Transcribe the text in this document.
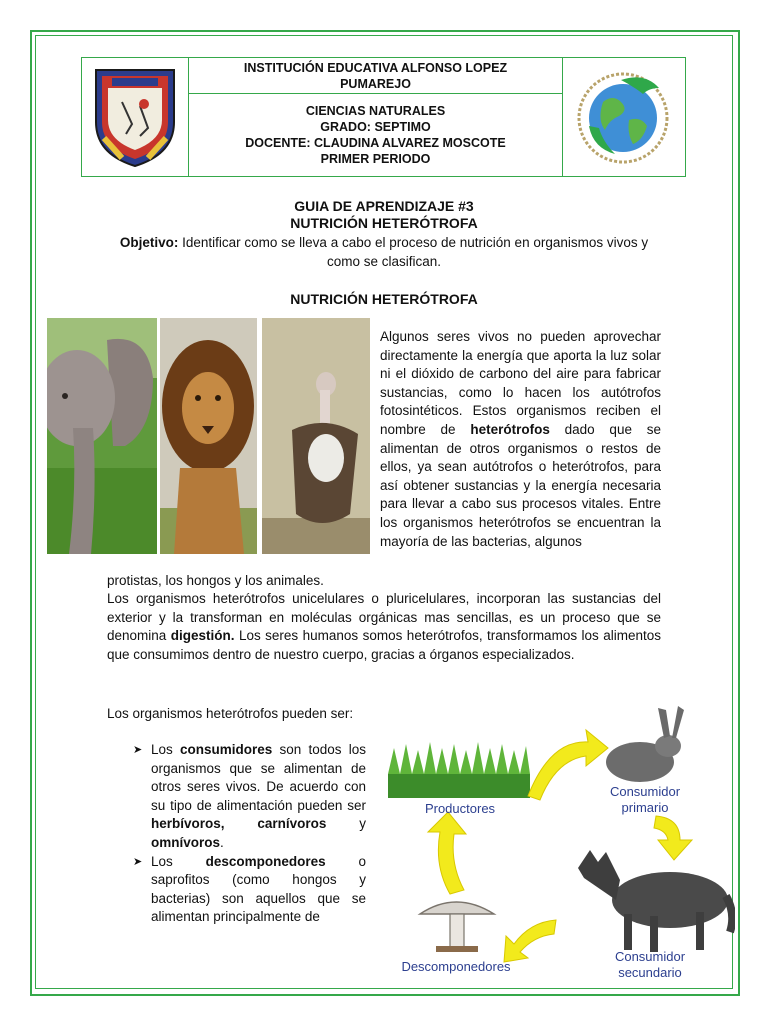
INSTITUCIÓN EDUCATIVA ALFONSO LOPEZ
PUMAREJO
CIENCIAS NATURALES
GRADO: SEPTIMO
DOCENTE: CLAUDINA ALVAREZ MOSCOTE
PRIMER PERIODO
GUIA DE APRENDIZAJE #3
NUTRICIÓN HETERÓTROFA
Objetivo: Identificar como se lleva a cabo el proceso de nutrición en organismos vivos y como se clasifican.
NUTRICIÓN HETERÓTROFA
Algunos seres vivos no pueden aprovechar directamente la energía que aporta la luz solar ni el dióxido de carbono del aire para fabricar sustancias, como lo hacen los autótrofos fotosintéticos. Estos organismos reciben el nombre de heterótrofos dado que se alimentan de otros organismos o restos de ellos, ya sean autótrofos o heterótrofos, para así obtener sustancias y la energía necesaria para llevar a cabo sus procesos vitales. Entre los organismos heterótrofos se encuentran la mayoría de las bacterias, algunos
protistas, los hongos y los animales.
Los organismos heterótrofos unicelulares o pluricelulares, incorporan las sustancias del exterior y la transforman en moléculas orgánicas mas sencillas, es un proceso que se denomina digestión. Los seres humanos somos heterótrofos, transformamos los alimentos que consumimos dentro de nuestro cuerpo, gracias a órganos especializados.
Los organismos heterótrofos pueden ser:
➤ Los consumidores son todos los organismos que se alimentan de otros seres vivos. De acuerdo con su tipo de alimentación pueden ser herbívoros, carnívoros y omnívoros.
➤ Los descomponedores o saprofitos (como hongos y bacterias) son aquellos que se alimentan principalmente de
Productores
Consumidor
primario
Consumidor
secundario
Descomponedores
